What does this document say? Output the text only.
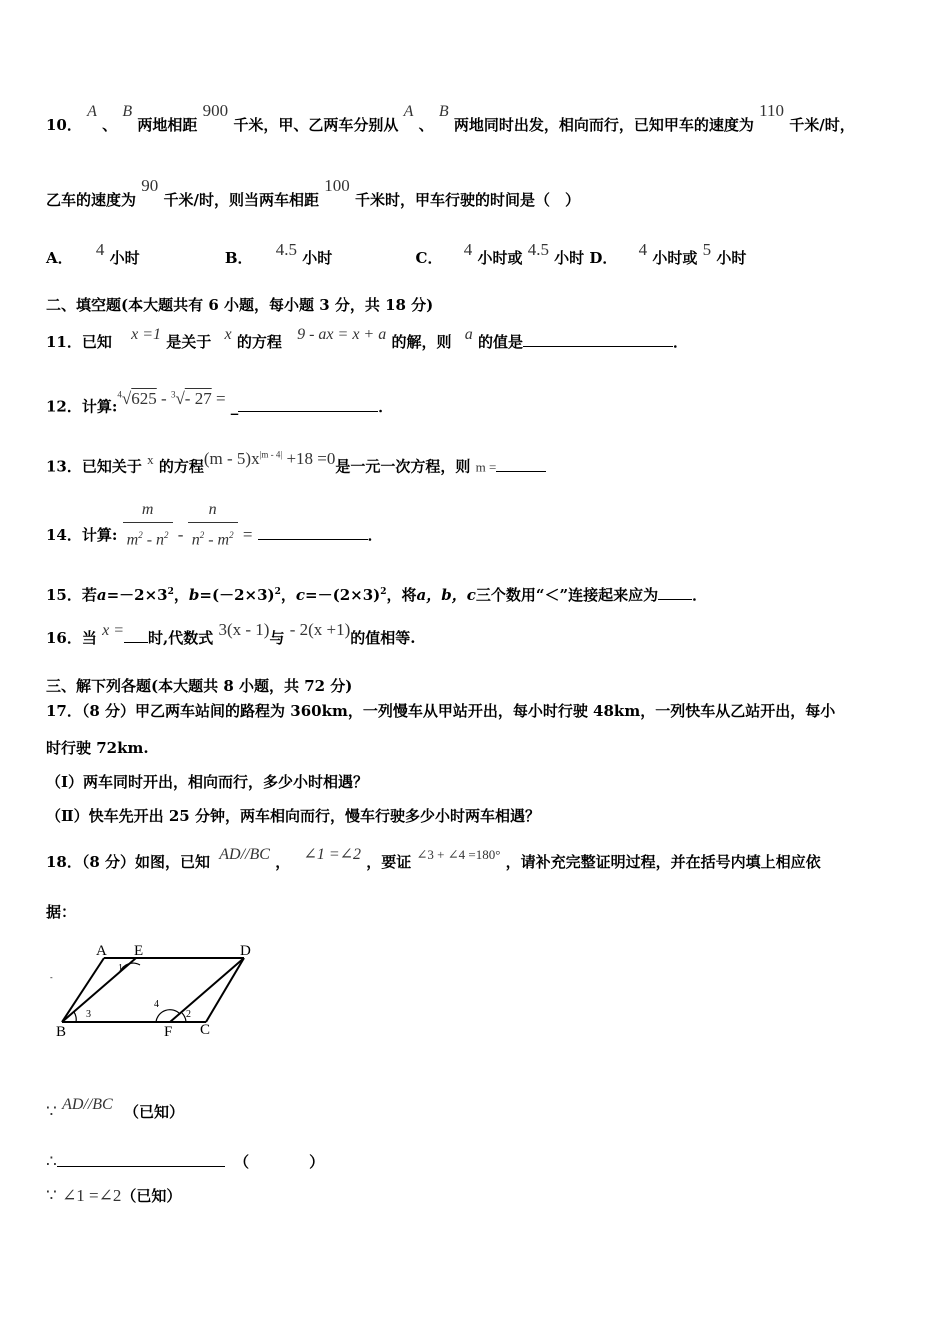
10． A 、 B 两地相距 900 千米，甲、乙两车分别从 A 、 B 两地同时出发，相向而行，已知甲车的速度为 110 千米/时，
乙车的速度为 90 千米/时，则当两车相距 100 千米时，甲车行驶的时间是（　）
A． 4 小时	B． 4.5 小时	C． 4 小时或 4.5 小时 D． 4 小时或 5 小时
二、填空题(本大题共有 6 小题，每小题 3 分，共 18 分)
11．已知 x =1 是关于 x 的方程 9 - ax = x + a 的解，则 a 的值是	．
12．计算:$^4$√625 - $^3$√- 27 = _	．
13．已知关于 x 的方程$(m - 5)x^{|m - 4|} +18 =0$是一元一次方程，则 m =
14．计算: $\frac{m}{m^2 - n^2} - \frac{n}{n^2 - m^2}$ =	．
15．若$a=-2\times 3^2$，$b=(-2\times 3)^2$，$c=-(2\times 3)^2$，将a，b，c三个数用“＜”连接起来应为 ．
16．当 x = 时,代数式 3(x - 1)与 - 2(x +1)的值相等.
三、解下列各题(本大题共 8 小题，共 72 分)
17．（8 分）甲乙两车站间的路程为 360km，一列慢车从甲站开出，每小时行驶 48km，一列快车从乙站开出，每小
时行驶 72km.
（Ⅰ）两车同时开出，相向而行，多少小时相遇？
（Ⅱ）快车先开出 25 分钟，两车相向而行，慢车行驶多少小时两车相遇？
18．（8 分）如图，已知 AD//BC ， ∠1 =∠2 ，要证 ∠3 + ∠4 =180° ，请补充完整证明过程，并在括号内填上相应依
据：
A E	D
B	F C
1
3
4
2
-
∵ AD//BC （已知）
∴	（　　　　）
∵ ∠1 =∠2（已知）
